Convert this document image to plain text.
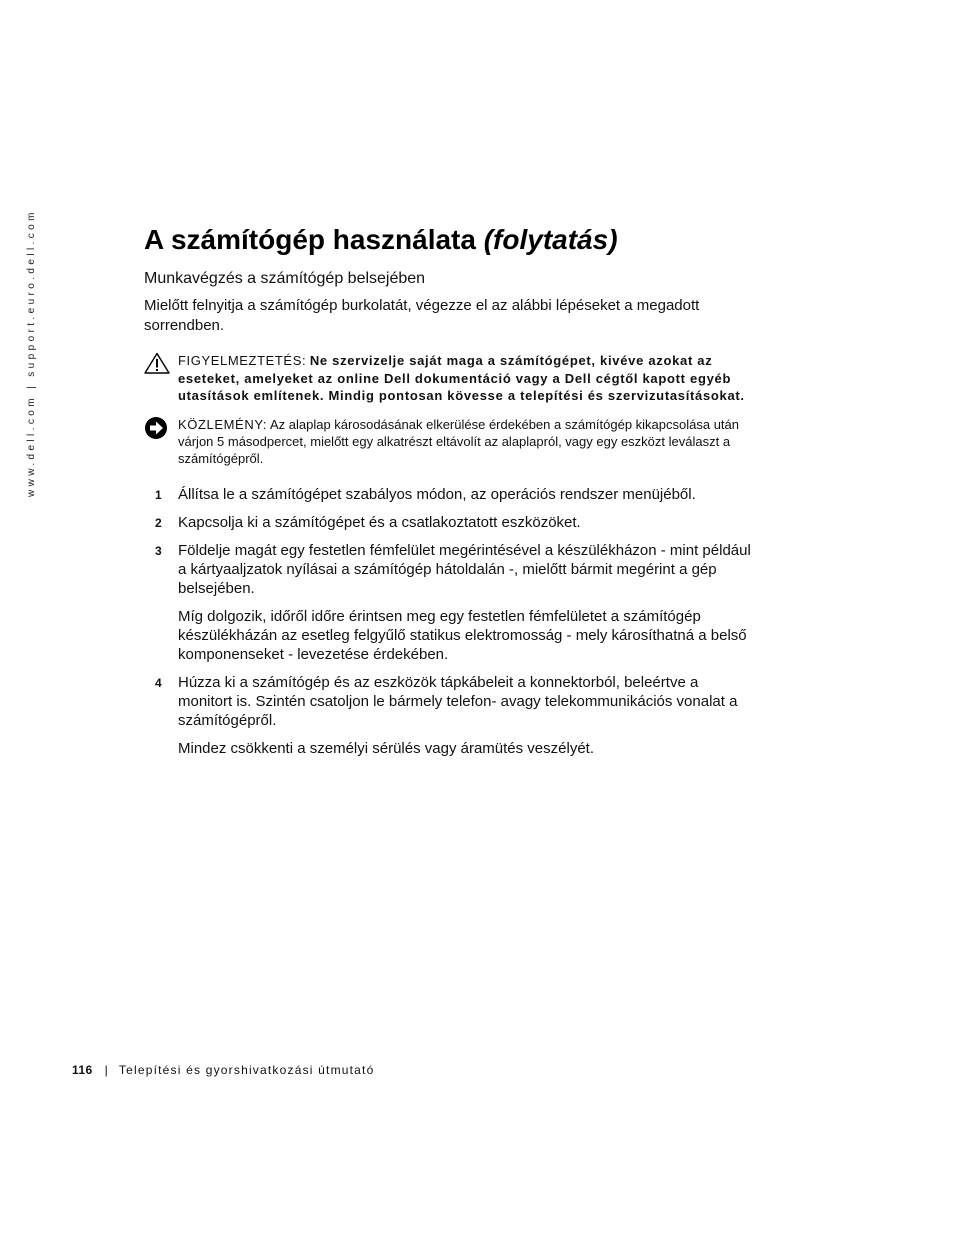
www.dell.com | support.euro.dell.com	A számítógép használata (folytatás)

Munkavégzés a számítógép belsejében

Mielőtt felnyitja a számítógép burkolatát, végezze el az alábbi lépéseket a megadott sorrendben.

FIGYELMEZTETÉS: Ne szervizelje saját maga a számítógépet, kivéve azokat az eseteket, amelyeket az online Dell dokumentáció vagy a Dell cégtől kapott egyéb utasítások említenek. Mindig pontosan kövesse a telepítési és szervizutasításokat.
KÖZLEMÉNY: Az alaplap károsodásának elkerülése érdekében a számítógép kikapcsolása után várjon 5 másodpercet, mielőtt egy alkatrészt eltávolít az alaplapról, vagy egy eszközt leválaszt a számítógépről.
1 Állítsa le a számítógépet szabályos módon, az operációs rendszer menüjéből.

2 Kapcsolja ki a számítógépet és a csatlakoztatott eszközöket.

3 Földelje magát egy festetlen fémfelület megérintésével a készülékházon - mint például a kártyaaljzatok nyílásai a számítógép hátoldalán -, mielőtt bármit megérint a gép belsejében.

Míg dolgozik, időről időre érintsen meg egy festetlen fémfelületet a számítógép készülékházán az esetleg felgyűlő statikus elektromosság - mely károsíthatná a belső komponenseket - levezetése érdekében.

4 Húzza ki a számítógép és az eszközök tápkábeleit a konnektorból, beleértve a monitort is. Szintén csatoljon le bármely telefon- avagy telekommunikációs vonalat a számítógépről.

Mindez csökkenti a személyi sérülés vagy áramütés veszélyét.

116 | Telepítési és gyorshivatkozási útmutató
